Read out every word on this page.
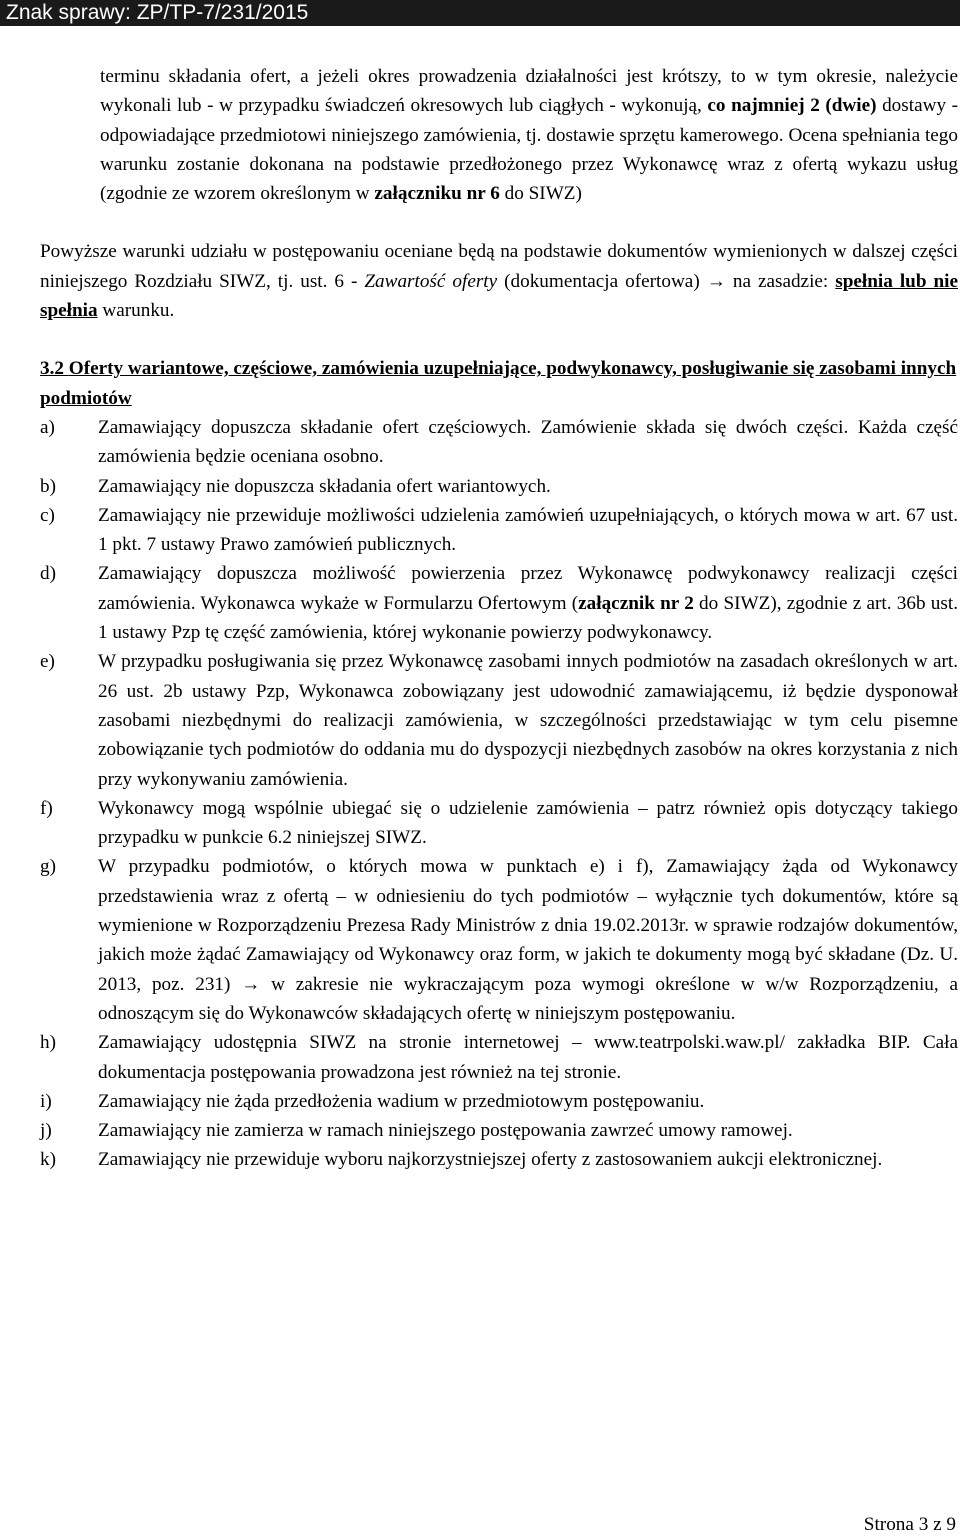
Znak sprawy: ZP/TP-7/231/2015

terminu składania ofert, a jeżeli okres prowadzenia działalności jest krótszy, to w tym okresie, należycie wykonali lub - w przypadku świadczeń okresowych lub ciągłych - wykonują, co najmniej 2 (dwie) dostawy - odpowiadające przedmiotowi niniejszego zamówienia, tj. dostawie sprzętu kamerowego. Ocena spełniania tego warunku zostanie dokonana na podstawie przedłożonego przez Wykonawcę wraz z ofertą wykazu usług (zgodnie ze wzorem określonym w załączniku nr 6 do SIWZ)

Powyższe warunki udziału w postępowaniu oceniane będą na podstawie dokumentów wymienionych w dalszej części niniejszego Rozdziału SIWZ, tj. ust. 6 - Zawartość oferty (dokumentacja ofertowa) → na zasadzie: spełnia lub nie spełnia warunku.

3.2 Oferty wariantowe, częściowe, zamówienia uzupełniające, podwykonawcy, posługiwanie się zasobami innych podmiotów

a) Zamawiający dopuszcza składanie ofert częściowych. Zamówienie składa się dwóch części. Każda część zamówienia będzie oceniana osobno.
b) Zamawiający nie dopuszcza składania ofert wariantowych.
c) Zamawiający nie przewiduje możliwości udzielenia zamówień uzupełniających, o których mowa w art. 67 ust. 1 pkt. 7 ustawy Prawo zamówień publicznych.
d) Zamawiający dopuszcza możliwość powierzenia przez Wykonawcę podwykonawcy realizacji części zamówienia. Wykonawca wykaże w Formularzu Ofertowym (załącznik nr 2 do SIWZ), zgodnie z art. 36b ust. 1 ustawy Pzp tę część zamówienia, której wykonanie powierzy podwykonawcy.
e) W przypadku posługiwania się przez Wykonawcę zasobami innych podmiotów na zasadach określonych w art. 26 ust. 2b ustawy Pzp, Wykonawca zobowiązany jest udowodnić zamawiającemu, iż będzie dysponował zasobami niezbędnymi do realizacji zamówienia, w szczególności przedstawiając w tym celu pisemne zobowiązanie tych podmiotów do oddania mu do dyspozycji niezbędnych zasobów na okres korzystania z nich przy wykonywaniu zamówienia.
f) Wykonawcy mogą wspólnie ubiegać się o udzielenie zamówienia – patrz również opis dotyczący takiego przypadku w punkcie 6.2 niniejszej SIWZ.
g) W przypadku podmiotów, o których mowa w punktach e) i f), Zamawiający żąda od Wykonawcy przedstawienia wraz z ofertą – w odniesieniu do tych podmiotów – wyłącznie tych dokumentów, które są wymienione w Rozporządzeniu Prezesa Rady Ministrów z dnia 19.02.2013r. w sprawie rodzajów dokumentów, jakich może żądać Zamawiający od Wykonawcy oraz form, w jakich te dokumenty mogą być składane (Dz. U. 2013, poz. 231) → w zakresie nie wykraczającym poza wymogi określone w w/w Rozporządzeniu, a odnoszącym się do Wykonawców składających ofertę w niniejszym postępowaniu.
h) Zamawiający udostępnia SIWZ na stronie internetowej – www.teatrpolski.waw.pl/ zakładka BIP. Cała dokumentacja postępowania prowadzona jest również na tej stronie.
i) Zamawiający nie żąda przedłożenia wadium w przedmiotowym postępowaniu.
j) Zamawiający nie zamierza w ramach niniejszego postępowania zawrzeć umowy ramowej.
k) Zamawiający nie przewiduje wyboru najkorzystniejszej oferty z zastosowaniem aukcji elektronicznej.
Strona 3 z 9
